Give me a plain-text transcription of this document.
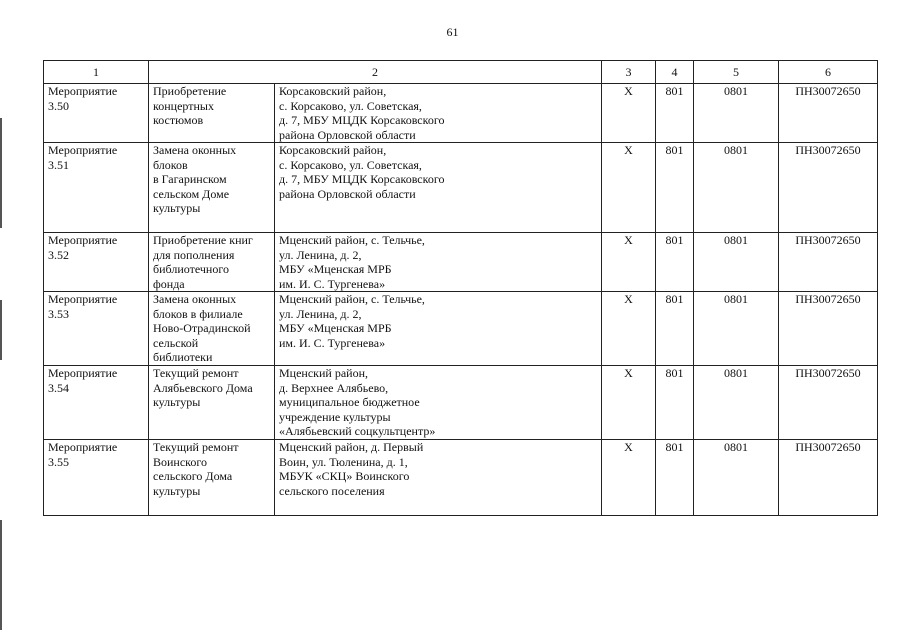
61
1	2		3	4	5	6	

Мероприятие
3.50	Приобретение
концертных
костюмов	Корсаковский район,
с. Корсаково, ул. Советская,
д. 7, МБУ МЦДК Корсаковского
района Орловской области	X	801	0801	ПН30072650	

Мероприятие
3.51	Замена оконных
блоков
в Гагаринском
сельском Доме
культуры	Корсаковский район,
с. Корсаково, ул. Советская,
д. 7, МБУ МЦДК Корсаковского
района Орловской области	X	801	0801	ПН30072650	

Мероприятие
3.52	Приобретение книг
для пополнения
библиотечного
фонда	Мценский район, с. Тельчье,
ул. Ленина, д. 2,
МБУ «Мценская МРБ
им. И. С. Тургенева»	X	801	0801	ПН30072650	

Мероприятие
3.53	Замена оконных
блоков в филиале
Ново-Отрадинской
сельской
библиотеки	Мценский район, с. Тельчье,
ул. Ленина, д. 2,
МБУ «Мценская МРБ
им. И. С. Тургенева»	X	801	0801	ПН30072650	

Мероприятие
3.54	Текущий ремонт
Алябьевского Дома
культуры	Мценский район,
д. Верхнее Алябьево,
муниципальное бюджетное
учреждение культуры
«Алябьевский соцкультцентр»	X	801	0801	ПН30072650	

Мероприятие
3.55	Текущий ремонт
Воинского
сельского Дома
культуры	Мценский район, д. Первый
Воин, ул. Тюленина, д. 1,
МБУК «СКЦ» Воинского
сельского поселения	X	801	0801	ПН30072650	
